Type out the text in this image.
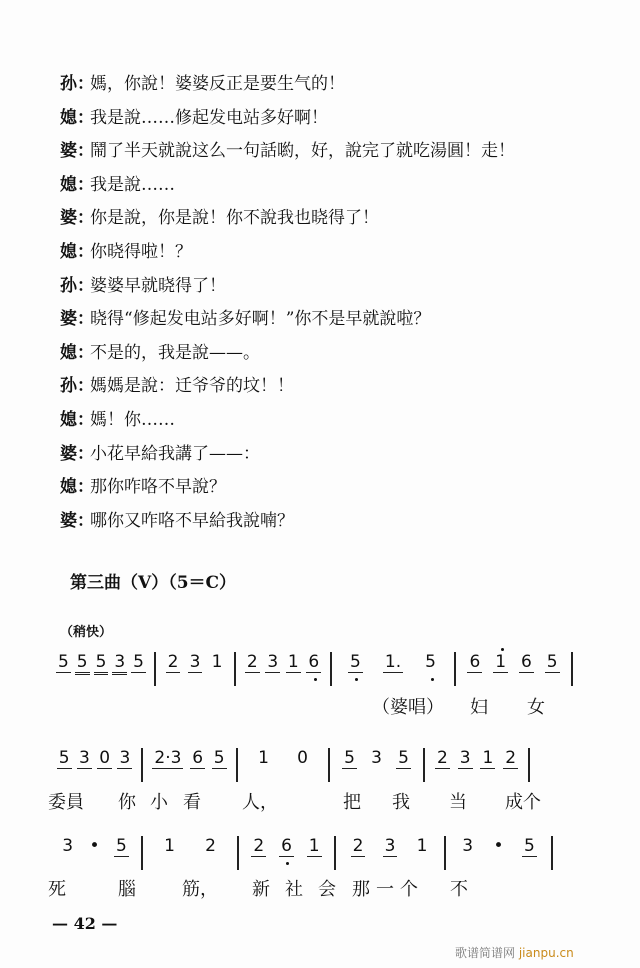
孙：媽，你說！婆婆反正是要生气的！
媳：我是說……修起发电站多好啊！
婆：鬧了半天就說这么一句話喲，好，說完了就吃湯圓！走！
媳：我是說……
婆：你是說，你是說！你不說我也晓得了！
媳：你晓得啦！？
孙：婆婆早就晓得了！
婆：晓得“修起发电站多好啊！”你不是早就說啦？
媳：不是的，我是說——。
孙：媽媽是說：迁爷爷的坟！！
媳：媽！你……
婆：小花早給我講了——：
媳：那你咋咯不早說？
婆：哪你又咋咯不早給我說喃？
第三曲（Ⅴ）（5＝C）
（稍快）
5 5 5 3 5 2 3 1 2 3 1 6 5 1. 5 6 1 6 5
（婆唱） 妇 女
5 3 0 3 2·3 6 5 1 0 5 3 5 2 3 1 2
委員 你 小 看 人，	把 我 当 成个
3 • 5 1 2 2 6 1 2 3 1 3 • 5
死	腦	筋， 新 社 会 那一个 不
— 42 —
歌谱简谱网 jianpu.cn
